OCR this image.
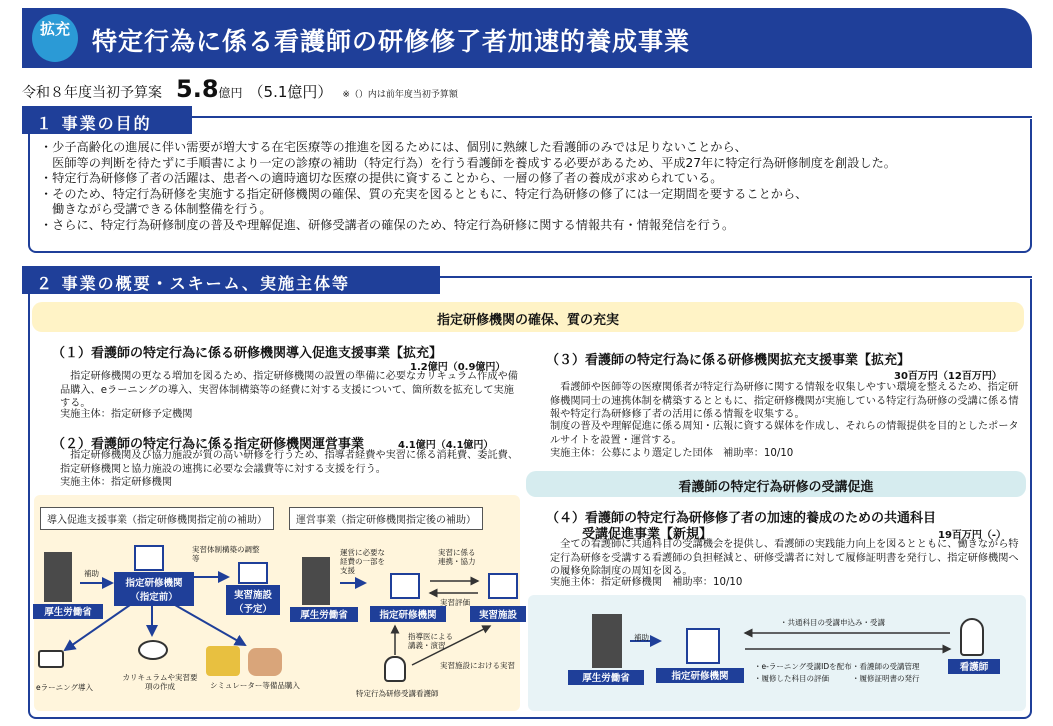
拡充 特定行為に係る看護師の研修修了者加速的養成事業
令和８年度当初予算案 5.8億円 （5.1億円） ※（）内は前年度当初予算額
１ 事業の目的
・少子高齢化の進展に伴い需要が増大する在宅医療等の推進を図るためには、個別に熟練した看護師のみでは足りないことから、
　医師等の判断を待たずに手順書により一定の診療の補助（特定行為）を行う看護師を養成する必要があるため、平成27年に特定行為研修制度を創設した。
・特定行為研修修了者の活躍は、患者への適時適切な医療の提供に資することから、一層の修了者の養成が求められている。
・そのため、特定行為研修を実施する指定研修機関の確保、質の充実を図るとともに、特定行為研修の修了には一定期間を要することから、
　働きながら受講できる体制整備を行う。
・さらに、特定行為研修制度の普及や理解促進、研修受講者の確保のため、特定行為研修に関する情報共有・情報発信を行う。
２ 事業の概要・スキーム、実施主体等
指定研修機関の確保、質の充実
看護師の特定行為研修の受講促進
（１）看護師の特定行為に係る研修機関導入促進支援事業【拡充】
1.2億円（0.9億円）
　指定研修機関の更なる増加を図るため、指定研修機関の設置の準備に必要なカリキュラム作成や備品購入、eラーニングの導入、実習体制構築等の経費に対する支援について、箇所数を拡充して実施する。
実施主体：指定研修予定機関
（２）看護師の特定行為に係る指定研修機関運営事業	4.1億円（4.1億円）
　指定研修機関及び協力施設が質の高い研修を行うため、指導者経費や実習に係る消耗費、委託費、指定研修機関と協力施設の連携に必要な会議費等に対する支援を行う。
実施主体：指定研修機関
（３）看護師の特定行為に係る研修機関拡充支援事業【拡充】
30百万円（12百万円）
　看護師や医師等の医療関係者が特定行為研修に関する情報を収集しやすい環境を整えるため、指定研修機関同士の連携体制を構築するとともに、指定研修機関が実施している特定行為研修の受講に係る情報や特定行為研修修了者の活用に係る情報を収集する。
制度の普及や理解促進に係る周知・広報に資する媒体を作成し、それらの情報提供を目的としたポータルサイトを設置・運営する。
実施主体：公募により選定した団体　補助率：10/10
（４）看護師の特定行為研修修了者の加速的養成のための共通科目
受講促進事業【新規】	19百万円（-）
　全ての看護師に共通科目の受講機会を提供し、看護師の実践能力向上を図るとともに、働きながら特定行為研修を受講する看護師の負担軽減と、研修受講者に対して履修証明書を発行し、指定研修機関への履修免除制度の周知を図る。
実施主体：指定研修機関　補助率：10/10
導入促進支援事業（指定研修機関指定前の補助）
厚生労働省
補助
指定研修機関
（指定前）
実習体制構築の調整等
実習施設
（予定）
eラーニング導入
カリキュラムや実習要項の作成	シミュレーター等備品購入
運営事業（指定研修機関指定後の補助）
厚生労働省
運営に必要な経費の一部を支援
指定研修機関
実習に係る連携・協力
実習評価
実習施設
指導医による講義・演習
実習施設における実習
特定行為研修受講看護師
・共通科目の受講申込み・受講
厚生労働省
補助
指定研修機関
看護師
・e-ラーニング受講IDを配布
・履修した科目の評価
・看護師の受講管理
・履修証明書の発行
